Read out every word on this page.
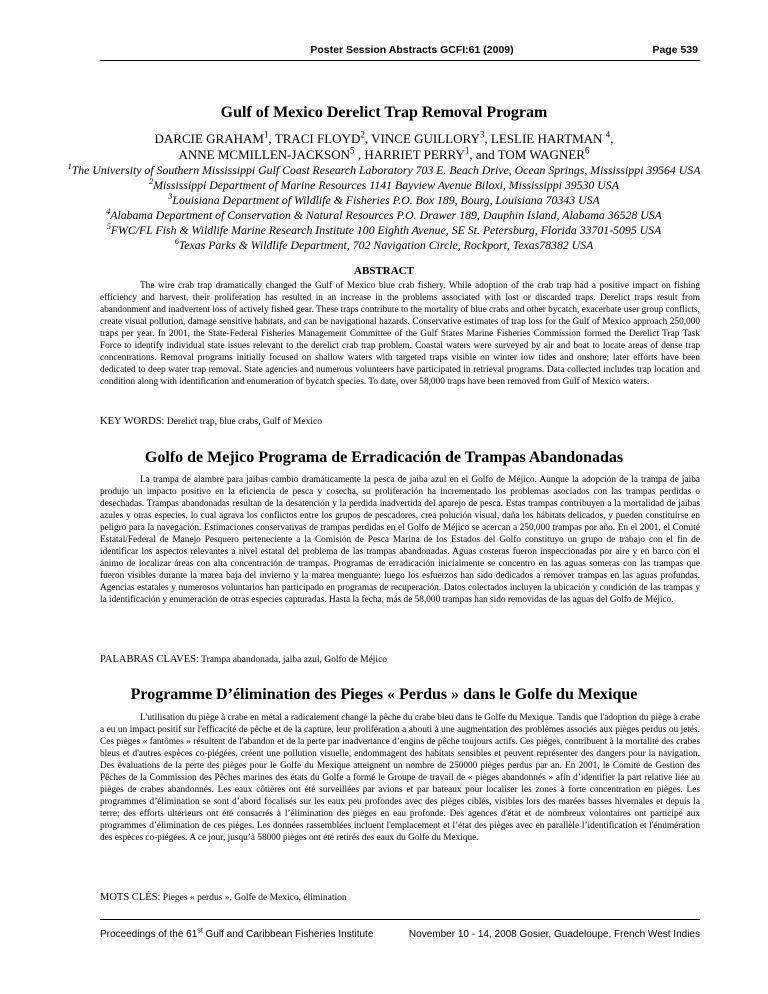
Poster Session Abstracts GCFI:61 (2009)	Page 539
Gulf of Mexico Derelict Trap Removal Program
DARCIE GRAHAM$^1$, TRACI FLOYD$^2$, VINCE GUILLORY$^3$, LESLIE HARTMAN $^4$,
ANNE MCMILLEN-JACKSON$^5$ , HARRIET PERRY$^1$, and TOM WAGNER$^6$
$^1$The University of Southern Mississippi Gulf Coast Research Laboratory 703 E. Beach Drive, Ocean Springs, Mississippi 39564 USA $^2$Mississippi Department of Marine Resources 1141 Bayview Avenue Biloxi, Mississippi 39530 USA
$^3$Louisiana Department of Wildlife & Fisheries P.O. Box 189, Bourg, Louisiana 70343 USA
$^4$Alabama Department of Conservation & Natural Resources P.O. Drawer 189, Dauphin Island, Alabama 36528 USA
$^5$FWC/FL Fish & Wildlife Marine Research Institute 100 Eighth Avenue, SE St. Petersburg, Florida 33701-5095 USA
$^6$Texas Parks & Wildlife Department, 702 Navigation Circle, Rockport, Texas78382 USA
ABSTRACT
The wire crab trap dramatically changed the Gulf of Mexico blue crab fishery. While adoption of the crab trap had a positive impact on fishing efficiency and harvest, their proliferation has resulted in an increase in the problems associated with lost or discarded traps. Derelict traps result from abandonment and inadvertent loss of actively fished gear. These traps contribute to the mortality of blue crabs and other bycatch, exacerbate user group conflicts, create visual pollution, damage sensitive habitats, and can be navigational hazards. Conservative estimates of trap loss for the Gulf of Mexico approach 250,000 traps per year. In 2001, the State-Federal Fisheries Management Committee of the Gulf States Marine Fisheries Commission formed the Derelict Trap Task Force to identify individual state issues relevant to the derelict crab trap problem. Coastal waters were surveyed by air and boat to locate areas of dense trap concentrations. Removal programs initially focused on shallow waters with targeted traps visible on winter low tides and onshore; later efforts have been dedicated to deep water trap removal. State agencies and numerous volunteers have participated in retrieval programs. Data collected includes trap location and condition along with identification and enumeration of bycatch species. To date, over 58,000 traps have been removed from Gulf of Mexico waters.
KEY WORDS: Derelict trap, blue crabs, Gulf of Mexico
Golfo de Mejico Programa de Erradicación de Trampas Abandonadas
La trampa de alambre para jaibas cambio dramáticamente la pesca de jaiba azul en el Golfo de Méjico. Aunque la adopción de la trampa de jaiba produjo un impacto positivo en la eficiencia de pesca y cosecha, su proliferación ha incrementado los problemas asociados con las trampas perdidas o desechadas. Trampas abandonadas resultan de la desatención y la perdida inadvertida del aparejo de pesca. Estas trampas contribuyen a la mortalidad de jaibas azules y otras especies, lo cual agrava los conflictos entre los grupos de pescadores, crea polución visual, daña los hábitats delicados, y pueden constituirse en peligro para la navegación. Estimaciones conservativas de trampas perdidas en el Golfo de Méjico se acercan a 250,000 trampas por año. En el 2001, el Comité Estatal/Federal de Manejo Pesquero perteneciente a la Comisión de Pesca Marina de los Estados del Golfo constituyo un grupo de trabajo con el fin de identificar los aspectos relevantes a nivel estatal del problema de las trampas abandonadas. Aguas costeras fueron inspeccionadas por aire y en barco con el ánimo de localizar áreas con alta concentración de trampas. Programas de erradicación inicialmente se concentro en las aguas someras con las trampas que fueron visibles durante la marea baja del invierno y la marea menguante; luego los esfuerzos han sido dedicados a remover trampas en las aguas profundas. Agencias estatales y numerosos voluntarios han participado en programas de recuperación. Datos colectados incluyen la ubicación y condición de las trampas y la identificación y enumeración de otras especies capturadas. Hasta la fecha, más de 58,000 trampas han sido removidas de las aguas del Golfo de Méjico.
PALABRAS CLAVES: Trampa abandonada, jaiba azul, Golfo de Méjico
Programme D’élimination des Pieges « Perdus » dans le Golfe du Mexique
L'utilisation du piège à crabe en métal a radicalement changé la pêche du crabe bleu dans le Golfe du Mexique. Tandis que l'adoption du piège à crabe a eu un impact positif sur l'efficacité de pêche et de la capture, leur prolifération a abouti à une augmentation des problèmes associés aux pièges perdus ou jetés. Ces pièges « fantômes » résultent de l'abandon et de la perte par inadvertance d’engins de pêche toujours actifs. Ces pièges, contribuent à la mortalité des crabes bleus et d'autres espèces co-piégées, créent une pollution visuelle, endommagent des habitats sensibles et peuvent représenter des dangers pour la navigation. Des évaluations de la perte des pièges pour le Golfe du Mexique atteignent un nombre de 250000 pièges perdus par an. En 2001, le Comité de Gestion des Pêches de la Commission des Pêches marines des états du Golfe a formé le Groupe de travail de « pièges abandonnés » afin d’identifier la part relative liée au pièges de crabes abandonnés. Les eaux côtières ont été surveillées par avions et par bateaux pour localiser les zones à forte concentration en pièges. Les programmes d’élimination se sont d’abord focalisés sur les eaux peu profondes avec des pièges ciblés, visibles lors des marées basses hivernales et depuis la terre; des efforts ultérieurs ont été consacrés à l’élimination des pièges en eau profonde. Des agences d'état et de nombreux volontaires ont participé aux programmes d’élimination de ces pièges. Les données rassemblées incluent l'emplacement et l’état des pièges avec en parallèle l’identification et l'énumération des espèces co-piégées. A ce jour, jusqu’à 58000 pièges ont été retirés des eaux du Golfe du Mexique.
MOTS CLÉS: Pieges « perdus », Golfe de Mexico, élimination
Proceedings of the 61st Gulf and Caribbean Fisheries Institute	November 10 - 14, 2008 Gosier, Guadeloupe, French West Indies
